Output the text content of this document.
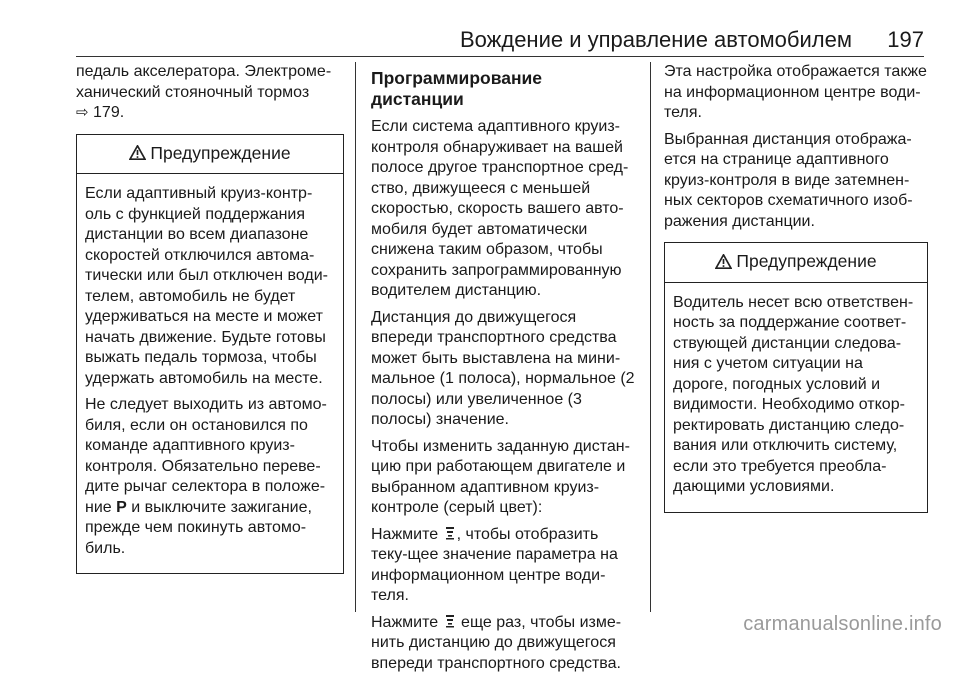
Вождение и управление автомобилем 197

педаль акселератора. Электроме-ханический стояночный тормоз
⇨ 179.

Предупреждение

Если адаптивный круиз-контр-оль с функцией поддержания дистанции во всем диапазоне скоростей отключился автома-тически или был отключен води-телем, автомобиль не будет удерживаться на месте и может начать движение. Будьте готовы выжать педаль тормоза, чтобы удержать автомобиль на месте.

Не следует выходить из автомо-биля, если он остановился по команде адаптивного круиз-контроля. Обязательно переве-дите рычаг селектора в положе-ние P и выключите зажигание, прежде чем покинуть автомо-биль.

Программирование дистанции

Если система адаптивного круиз-контроля обнаруживает на вашей полосе другое транспортное сред-ство, движущееся с меньшей скоростью, скорость вашего авто-мобиля будет автоматически снижена таким образом, чтобы сохранить запрограммированную водителем дистанцию.

Дистанция до движущегося впереди транспортного средства может быть выставлена на мини-мальное (1 полоса), нормальное (2 полосы) или увеличенное (3 полосы) значение.

Чтобы изменить заданную дистан-цию при работающем двигателе и выбранном адаптивном круиз-контроле (серый цвет):

Нажмите , чтобы отобразить теку-щее значение параметра на информационном центре води-теля.

Нажмите еще раз, чтобы изме-нить дистанцию до движущегося впереди транспортного средства.

Эта настройка отображается также на информационном центре води-теля.

Выбранная дистанция отобража-ется на странице адаптивного круиз-контроля в виде затемнен-ных секторов схематичного изоб-ражения дистанции.

Предупреждение

Водитель несет всю ответствен-ность за поддержание соответ-ствующей дистанции следова-ния с учетом ситуации на дороге, погодных условий и видимости. Необходимо откор-ректировать дистанцию следо-вания или отключить систему, если это требуется преобла-дающими условиями.

carmanualsonline.info
